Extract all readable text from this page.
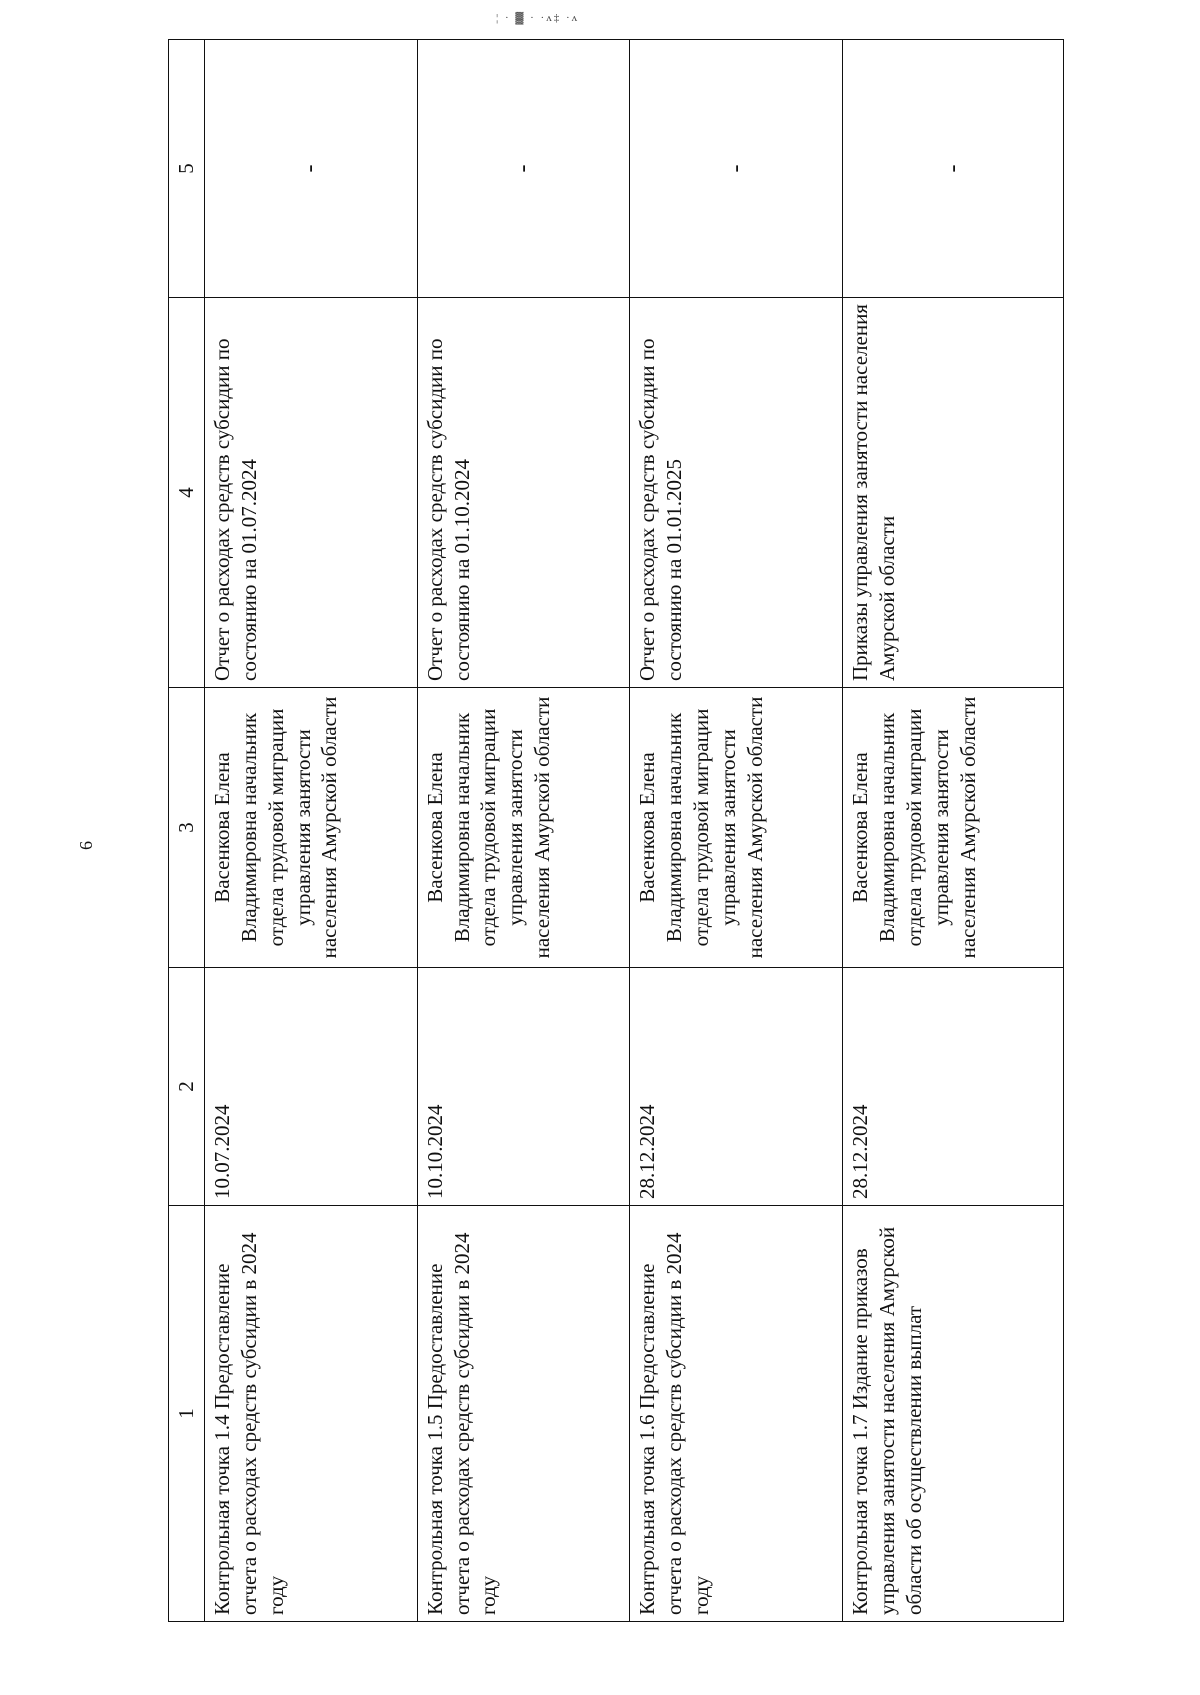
¦ · ▓ · ·ʌ‡ ·ʌ
6
1	2	3	4	5
Контрольная точка 1.4 Предоставление отчета о расходах средств субсидии в 2024 году	10.07.2024	Васенкова Елена Владимировна начальник отдела трудовой миграции управления занятости населения Амурской области	Отчет о расходах средств субсидии по состоянию на 01.07.2024	-
Контрольная точка 1.5 Предоставление отчета о расходах средств субсидии в 2024 году	10.10.2024	Васенкова Елена Владимировна начальник отдела трудовой миграции управления занятости населения Амурской области	Отчет о расходах средств субсидии по состоянию на 01.10.2024	-
Контрольная точка 1.6 Предоставление отчета о расходах средств субсидии в 2024 году	28.12.2024	Васенкова Елена Владимировна начальник отдела трудовой миграции управления занятости населения Амурской области	Отчет о расходах средств субсидии по состоянию на 01.01.2025	-
Контрольная точка 1.7 Издание приказов управления занятости населения Амурской области об осуществлении выплат	28.12.2024	Васенкова Елена Владимировна начальник отдела трудовой миграции управления занятости населения Амурской области	Приказы управления занятости населения Амурской области	-
